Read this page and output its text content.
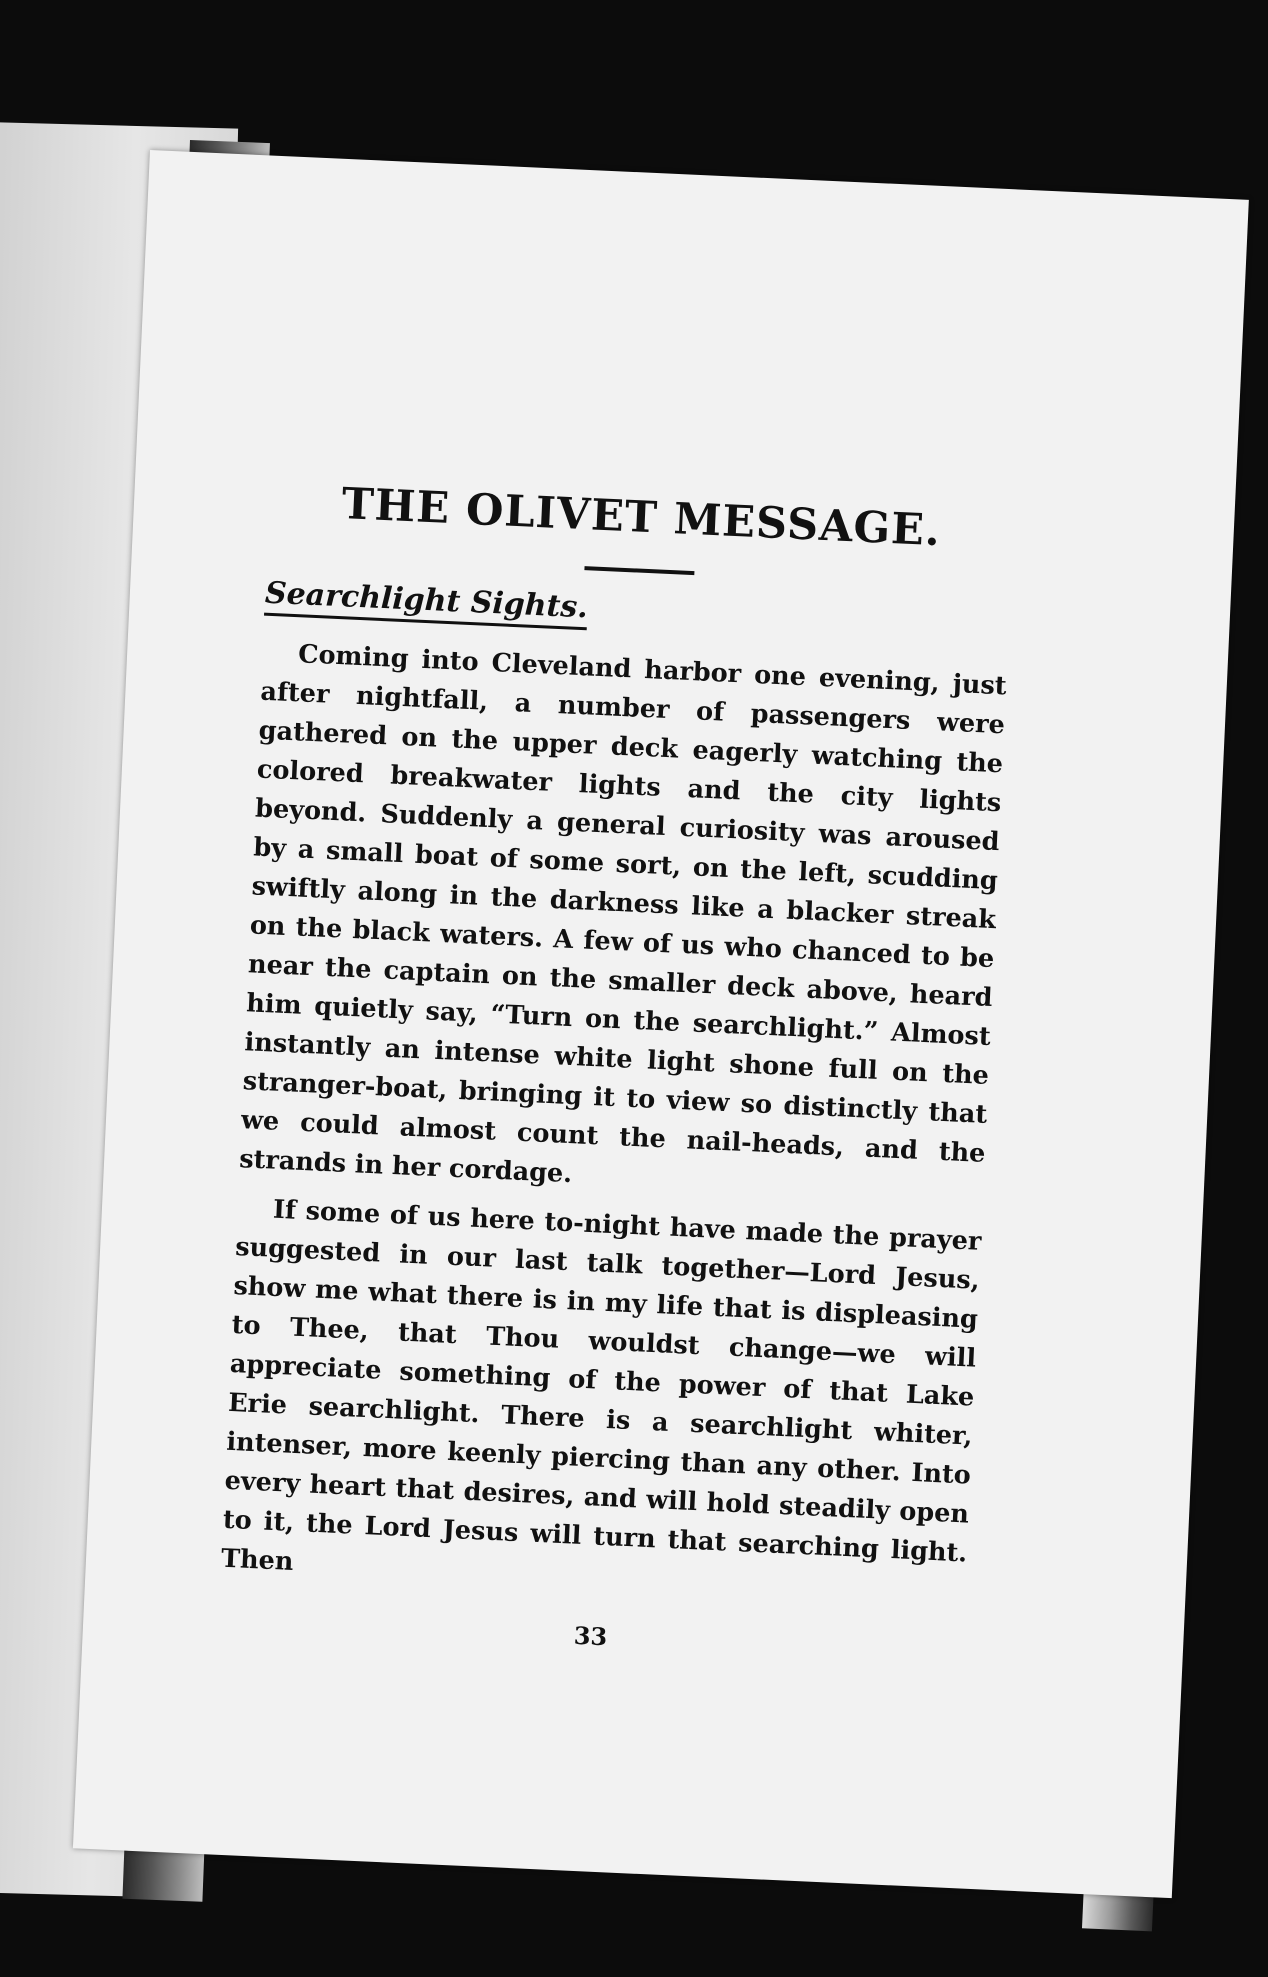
THE OLIVET MESSAGE.
Searchlight Sights.

Coming into Cleveland harbor one evening, just after nightfall, a number of passengers were gathered on the upper deck eagerly watching the colored breakwater lights and the city lights beyond. Suddenly a general curiosity was aroused by a small boat of some sort, on the left, scudding swiftly along in the darkness like a blacker streak on the black waters. A few of us who chanced to be near the captain on the smaller deck above, heard him quietly say, “Turn on the searchlight.” Almost instantly an intense white light shone full on the stranger-boat, bringing it to view so distinctly that we could almost count the nail-heads, and the strands in her cordage.

If some of us here to-night have made the prayer suggested in our last talk together—Lord Jesus, show me what there is in my life that is displeasing to Thee, that Thou wouldst change—we will appreciate something of the power of that Lake Erie searchlight. There is a searchlight whiter, intenser, more keenly piercing than any other. Into every heart that desires, and will hold steadily open to it, the Lord Jesus will turn that searching light. Then

33
